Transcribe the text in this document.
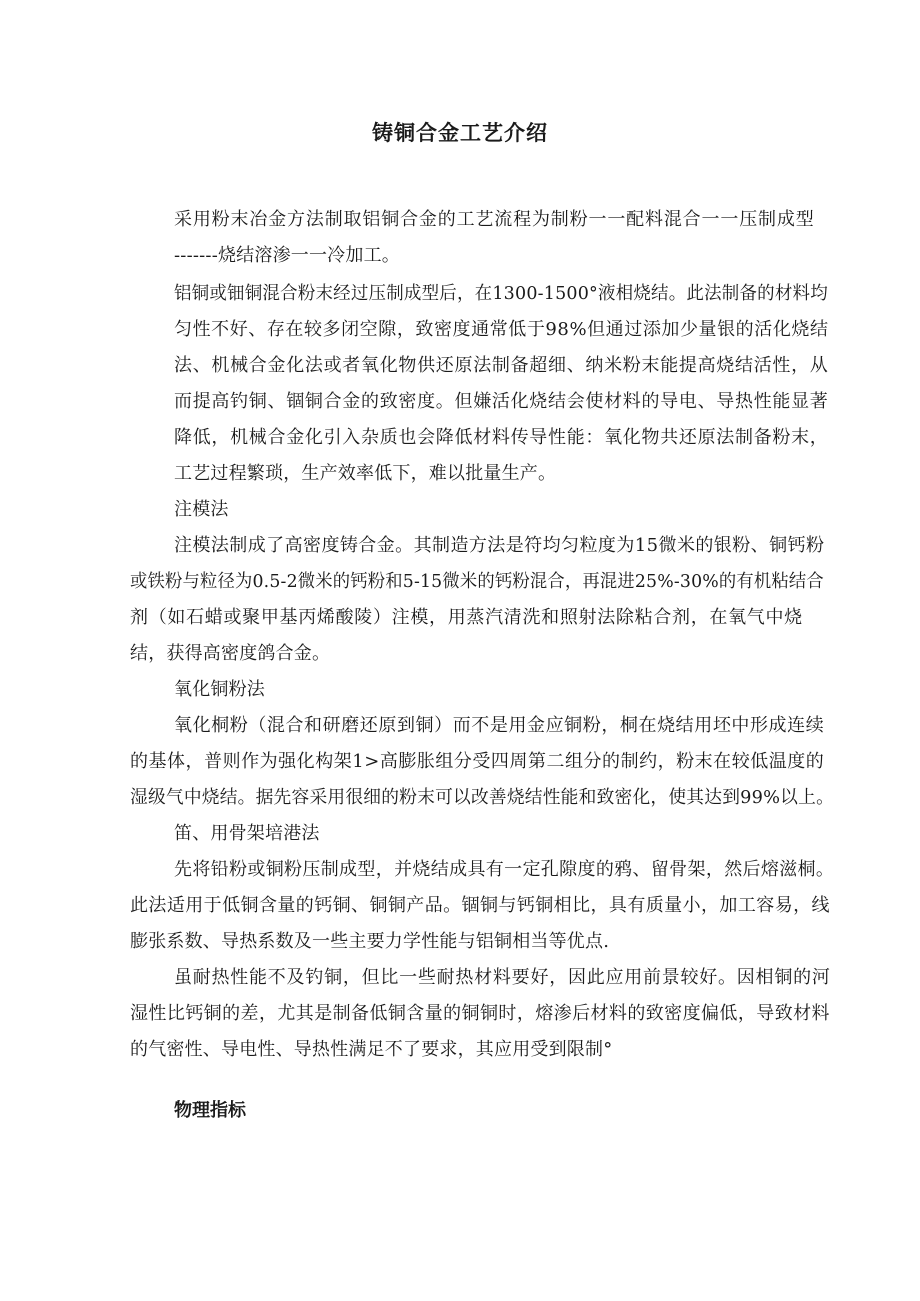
铸铜合金工艺介绍
采用粉末冶金方法制取铝铜合金的工艺流程为制粉一一配料混合一一压制成型
-------烧结溶渗一一冷加工。
铝铜或钿铜混合粉末经过压制成型后，在1300-1500°液相烧结。此法制备的材料均
匀性不好、存在较多闭空隙，致密度通常低于98%但通过添加少量银的活化烧结
法、机械合金化法或者氧化物供还原法制备超细、纳米粉末能提高烧结活性，从
而提高钓铜、锢铜合金的致密度。但嫌活化烧结会使材料的导电、导热性能显著
降低，机械合金化引入杂质也会降低材料传导性能：氧化物共还原法制备粉末，
工艺过程繁琐，生产效率低下，难以批量生产。
注模法
注模法制成了高密度铸合金。其制造方法是符均匀粒度为15微米的银粉、铜钙粉
或铁粉与粒径为0.5-2微米的钙粉和5-15微米的钙粉混合，再混进25%-30%的有机粘结合
剂（如石蜡或聚甲基丙烯酸陵）注模，用蒸汽清洗和照射法除粘合剂，在氧气中烧
结，获得高密度鸽合金。
氧化铜粉法
氧化桐粉（混合和研磨还原到铜）而不是用金应铜粉，桐在烧结用坯中形成连续
的基体，普则作为强化构架1>高膨胀组分受四周第二组分的制约，粉末在较低温度的
湿级气中烧结。据先容采用很细的粉末可以改善烧结性能和致密化，使其达到99%以上。
笛、用骨架培港法
先将铅粉或铜粉压制成型，并烧结成具有一定孔隙度的鸦、留骨架，然后熔滋桐。
此法适用于低铜含量的钙铜、铜铜产品。锢铜与钙铜相比，具有质量小，加工容易，线
膨张系数、导热系数及一些主要力学性能与铝铜相当等优点.
虽耐热性能不及钓铜，但比一些耐热材料要好，因此应用前景较好。因相铜的河
湿性比钙铜的差，尤其是制备低铜含量的铜铜时，熔渗后材料的致密度偏低，导致材料
的气密性、导电性、导热性满足不了要求，其应用受到限制°
物理指标
